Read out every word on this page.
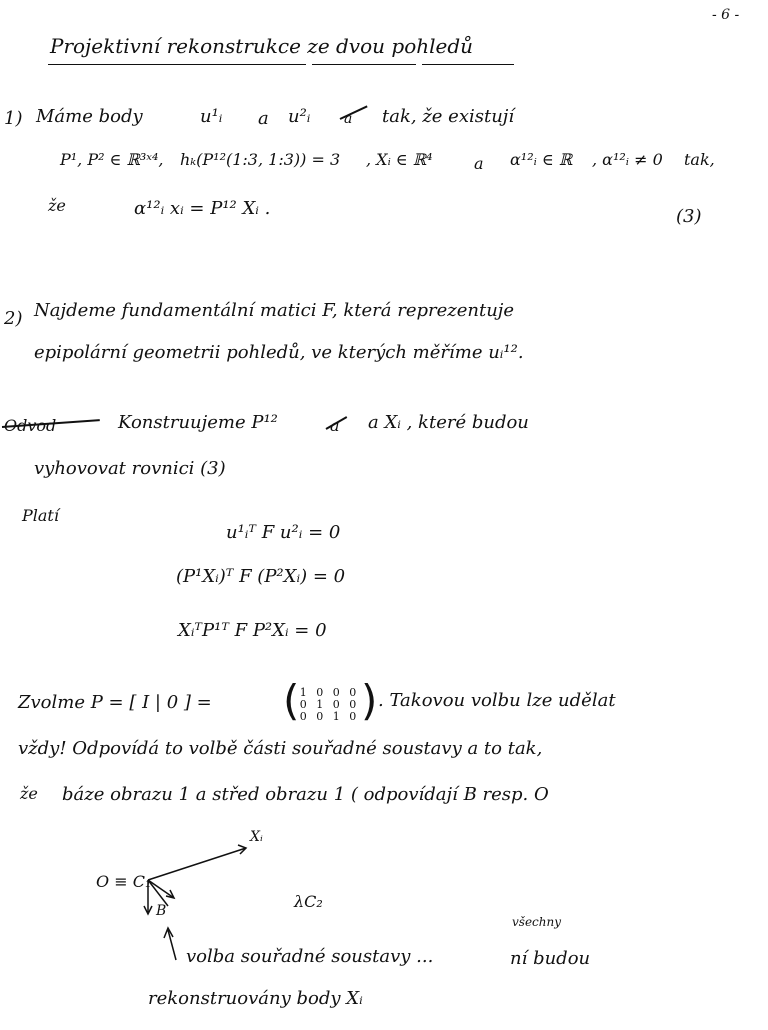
- 6 -
Projektivní rekonstrukce ze dvou pohledů
1) Máme body	u¹ᵢ a u²ᵢ a tak, že existují
P¹, P² ∈ ℝ³ˣ⁴, hₖ(P¹²(1:3, 1:3)) = 3 , Xᵢ ∈ ℝ⁴	a α¹²ᵢ ∈ ℝ , α¹²ᵢ ≠ 0 tak,
že	α¹²ᵢ xᵢ = P¹² Xᵢ .	(3)
2) Najdeme fundamentální matici F, která reprezentuje
epipolární geometrii pohledů, ve kterých měříme uᵢ¹².
Odvod	Konstruujeme P¹²	a a Xᵢ , které budou
vyhovovat rovnici (3)
Platí
u¹ᵢᵀ F u²ᵢ = 0
(P¹Xᵢ)ᵀ F (P²Xᵢ) = 0
XᵢᵀP¹ᵀ F P²Xᵢ = 0
Zvolme P = [ I | 0 ] = ( 1 0 0 0
0 1 0 0
0 0 1 0 ) . Takovou volbu lze udělat
vždy! Odpovídá to volbě části souřadné soustavy a to tak,
že báze obrazu 1 a střed obrazu 1 ( odpovídají B resp. O
Xᵢ
O ≡ C₁
B	λC₂
všechny
volba souřadné soustavy ...	ní budou
rekonstruovány body Xᵢ
